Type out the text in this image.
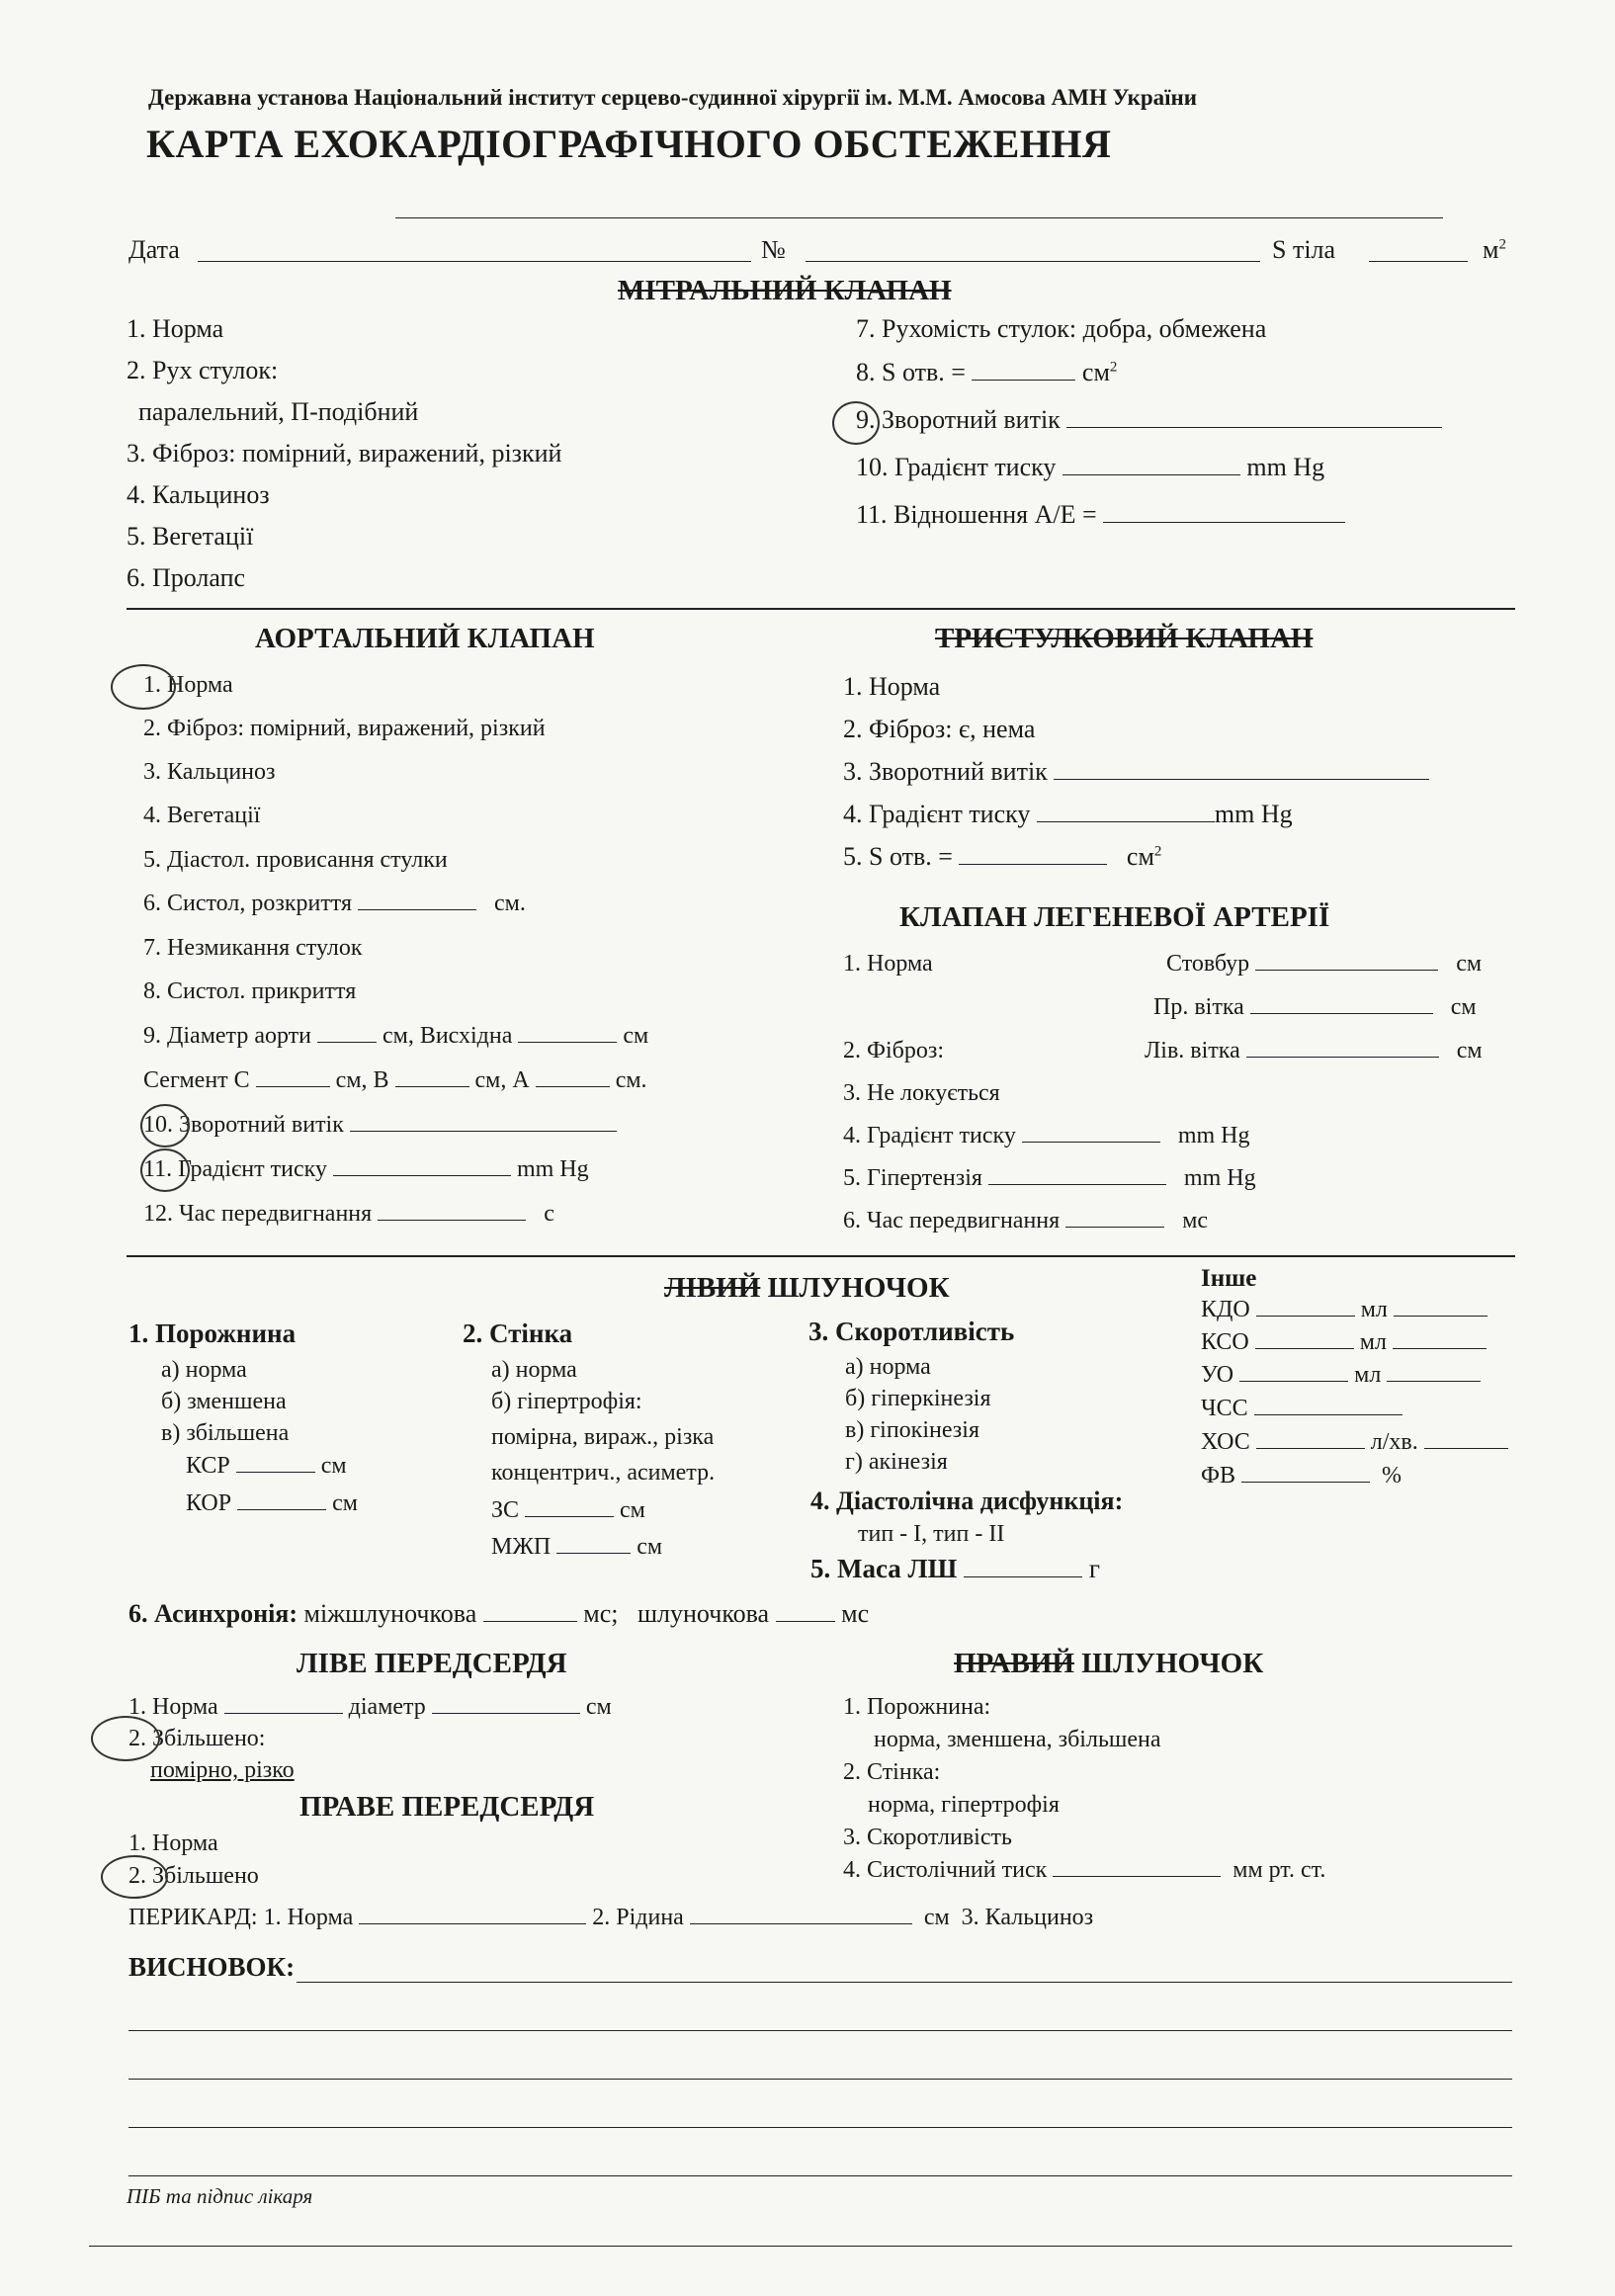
Державна установа Національний інститут серцево-судинної хірургії ім. М.М. Амосова АМН України
КАРТА ЕХОКАРДІОГРАФІЧНОГО ОБСТЕЖЕННЯ
Дата	№	S тіла	$м^2$
МІТРАЛЬНИЙ КЛАПАН
1. Норма
2. Рух стулок:
паралельний, П-подібний
3. Фіброз: помірний, виражений, різкий
4. Кальциноз
5. Вегетації
6. Пролапс
7. Рухомість стулок: добра, обмежена
8. S отв. =	$см^2$
9. Зворотний витік
10. Градієнт тиску	mm Hg
11. Відношення A/E =
АОРТАЛЬНИЙ КЛАПАН
1. Норма
2. Фіброз: помірний, виражений, різкий
3. Кальциноз
4. Вегетації
5. Діастол. провисання стулки
6. Систол, розкриття	см.
7. Незмикання стулок
8. Систол. прикриття
9. Діаметр аорти	см, Висхідна	см
Сегмент С	см, В	см, А	см.
10. Зворотний витік
11. Градієнт тиску	mm Hg
12. Час передвигнання	с
ТРИСТУЛКОВИЙ КЛАПАН
1. Норма
2. Фіброз: є, нема
3. Зворотний витік
4. Градієнт тиску	mm Hg
5. S отв. =	$см^2$
КЛАПАН ЛЕГЕНЕВОЇ АРТЕРІЇ
1. Норма	Стовбур	см
Пр. вітка	см
2. Фіброз:	Лів. вітка	см
3. Не локується
4. Градієнт тиску	mm Hg
5. Гіпертензія	mm Hg
6. Час передвигнання	мс
ЛІВИЙ ШЛУНОЧОК
1. Порожнина
а) норма
б) зменшена
в) збільшена
КСР	см
КОР	см
2. Стінка
а) норма
б) гіпертрофія:
помірна, вираж., різка
концентрич., асиметр.
ЗС	см
МЖП	см
3. Скоротливість
а) норма
б) гіперкінезія
в) гіпокінезія
г) акінезія
4. Діастолічна дисфункція:
тип - I, тип - II
5. Маса ЛШ	г
6. Асинхронія: міжшлуночкова	мс; шлуночкова	мс
Інше
КДО	мл
КСО	мл
УО	мл
ЧСС
ХОС	л/хв.
ФВ	%
ЛІВЕ ПЕРЕДСЕРДЯ
1. Норма	діаметр	см
2. Збільшено:
помірно, різко
ПРАВЕ ПЕРЕДСЕРДЯ
1. Норма
2. Збільшено
ПРАВИЙ ШЛУНОЧОК
1. Порожнина:
норма, зменшена, збільшена
2. Стінка:
норма, гіпертрофія
3. Скоротливість
4. Систолічний тиск	мм рт. ст.
ПЕРИКАРД: 1. Норма	2. Рідина	см 3. Кальциноз
ВИСНОВОК:
ПІБ та підпис лікаря
